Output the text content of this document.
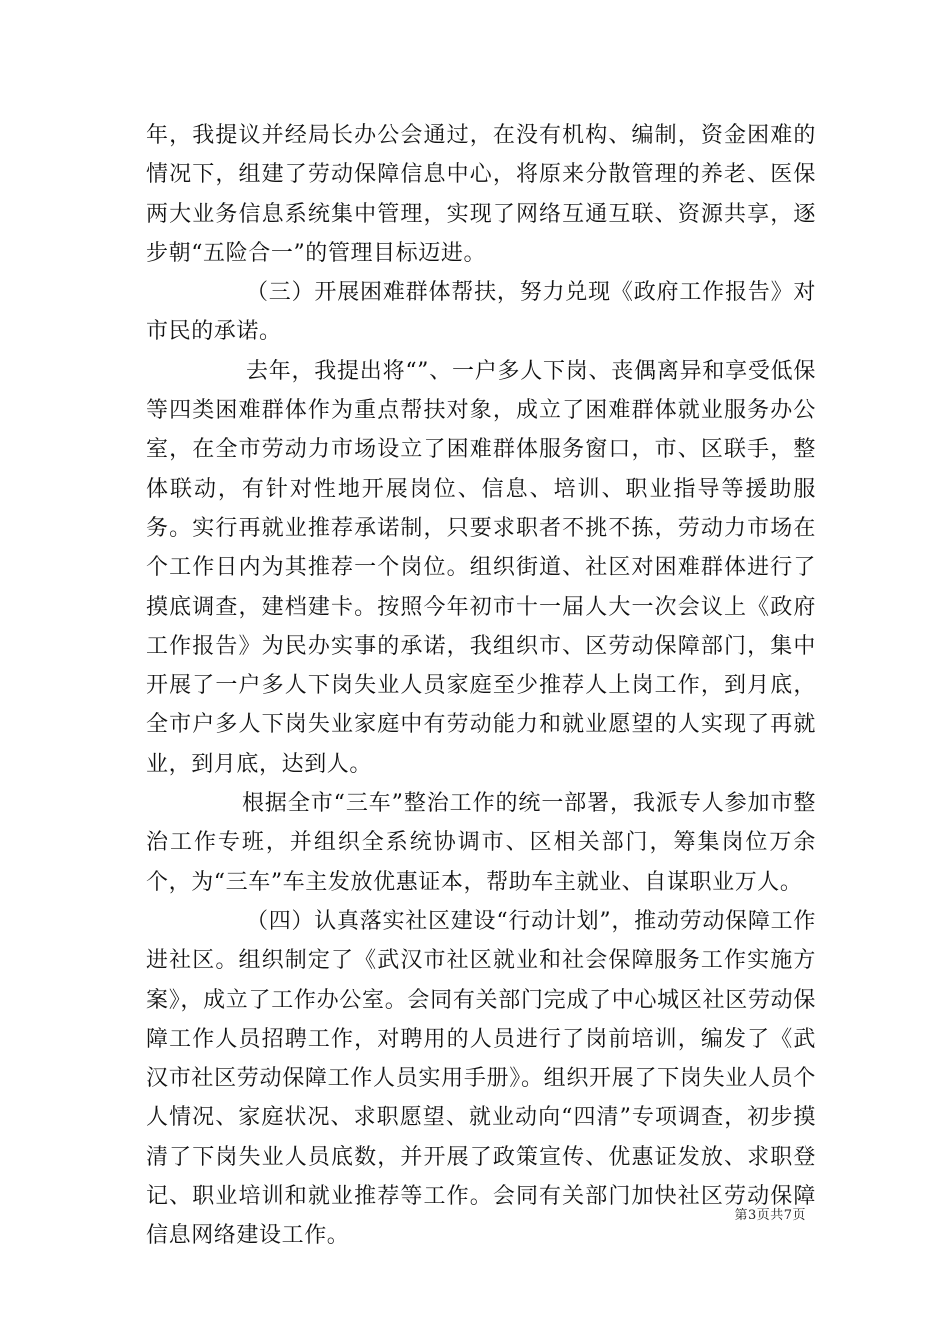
年，我提议并经局长办公会通过，在没有机构、编制，资金困难的情况下，组建了劳动保障信息中心，将原来分散管理的养老、医保两大业务信息系统集中管理，实现了网络互通互联、资源共享，逐步朝“五险合一”的管理目标迈进。

（三）开展困难群体帮扶，努力兑现《政府工作报告》对市民的承诺。

去年，我提出将“”、一户多人下岗、丧偶离异和享受低保等四类困难群体作为重点帮扶对象，成立了困难群体就业服务办公室，在全市劳动力市场设立了困难群体服务窗口，市、区联手，整体联动，有针对性地开展岗位、信息、培训、职业指导等援助服务。实行再就业推荐承诺制，只要求职者不挑不拣，劳动力市场在个工作日内为其推荐一个岗位。组织街道、社区对困难群体进行了摸底调查，建档建卡。按照今年初市十一届人大一次会议上《政府工作报告》为民办实事的承诺，我组织市、区劳动保障部门，集中开展了一户多人下岗失业人员家庭至少推荐人上岗工作，到月底，全市户多人下岗失业家庭中有劳动能力和就业愿望的人实现了再就业，到月底，达到人。

根据全市“三车”整治工作的统一部署，我派专人参加市整治工作专班，并组织全系统协调市、区相关部门，筹集岗位万余个，为“三车”车主发放优惠证本，帮助车主就业、自谋职业万人。

（四）认真落实社区建设“行动计划”，推动劳动保障工作进社区。组织制定了《武汉市社区就业和社会保障服务工作实施方案》，成立了工作办公室。会同有关部门完成了中心城区社区劳动保障工作人员招聘工作，对聘用的人员进行了岗前培训，编发了《武汉市社区劳动保障工作人员实用手册》。组织开展了下岗失业人员个人情况、家庭状况、求职愿望、就业动向“四清”专项调查，初步摸清了下岗失业人员底数，并开展了政策宣传、优惠证发放、求职登记、职业培训和就业推荐等工作。会同有关部门加快社区劳动保障信息网络建设工作。

第3页共7页
